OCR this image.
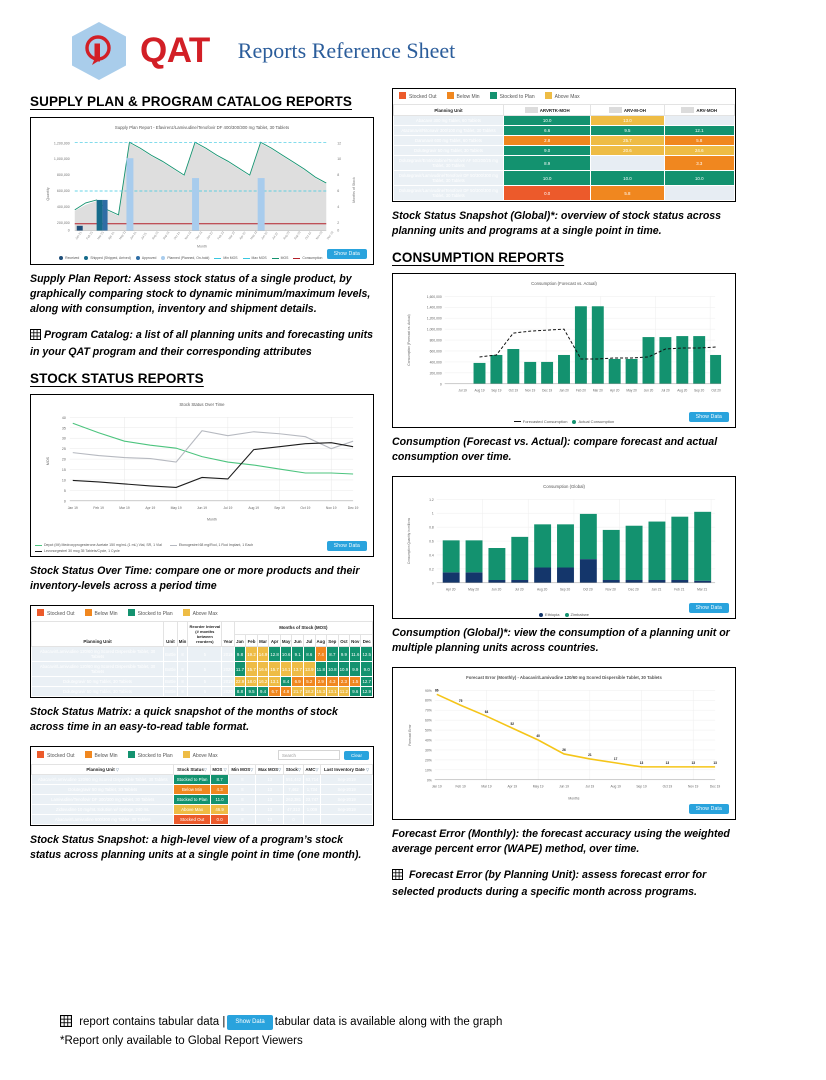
QAT Reports Reference Sheet
SUPPLY PLAN & PROGRAM CATALOG REPORTS
Supply Plan Report - Efavirenz/Lamivudine/Tenofovir DF 400/300/300 mg Tablet, 30 Tablets
1,200,000
1,000,000
800,000
600,000
400,000
200,000
0
12
10
8
6
4
2
0
Quantity	Months of Stock
Month
Jan 21 Feb 21 Mar 21 Apr 21 May 21 Jun 21 Jul 21 Aug 21 Sep 21 Oct 21 Nov 21 Dec 21 Jan 22 Feb 22 Mar 22 Apr 22 May 22 Jun 22 Jul 22 Aug 22 Sep 22 Oct 22 Nov 22 Dec 22
Received	Shipped (Shipped, Arrived)	Approved	Planned (Planned, On-hold)	Min MOS	Max MOS	MOS	Consumption
Show Data
Supply Plan Report: Assess stock status of a single product, by graphically comparing stock to dynamic minimum/maximum levels, along with consumption, inventory and shipment details.
Program Catalog: a list of all planning units and forecasting units in your QAT program and their corresponding attributes
STOCK STATUS REPORTS
Stock Status Over Time
40
35
30
25
20
15
10
5
0
MOS
Month
Jan 19	Feb 19	Mar 19	Apr 19	May 19	Jun 19	Jul 19	Aug 19	Sep 19	Oct 19	Nov 19	Dec 19
Depot (IM) Medroxyprogesterone Acetate 150 mg/mL (1 mL) Vial, SR, 1 Vial	Etonogestrel 68 mg/Rod, 1 Rod Implant, 1 Each
Levonorgestrel 30 mcg 35 Tablets/Cycle, 1 Cycle
Show Data
Stock Status Over Time: compare one or more products and their inventory-levels across a period time
Stocked Out	Below Min	Stocked to Plan	Above Max
Planning Unit	Unit	Min	Reorder Interval (# months between reorders)	Year	Months of Stock (MOS)											
					Jan	Feb	Mar	Apr	May	Jun	Jul	Aug	Sep	Oct	Nov	Dec
Abacavir/Lamivudine 120/60 mg Scored Dispersible Tablet, 30 Tablets	Bottle	8	5	2019	9.8	19.2	14.9	12.8	10.6	9.1	8.6	7.4	8.7	9.9	11.6	12.5
Abacavir/Lamivudine 120/60 mg Scored Dispersible Tablet, 30 Tablets	Bottle	8	5	2020	11.7	15.7	16.6	15.7	14.1	13.7	13.9	11.8	10.8	10.9	9.9	9.0
Dolutegravir 50 mg Tablet, 30 Tablets	Bottle	8	5	2019	22.9	18.0	16.2	13.1	8.4	6.9	5.2	2.9	4.3	2.3	1.5	12.7
Dolutegravir 50 mg Tablet, 30 Tablets	Bottle	8	5	2020	8.8	9.5	9.4	6.7	4.8	21.7	18.2	15.3	13.1	11.2	9.6	12.9
Stock Status Matrix: a quick snapshot of the months of stock across time in an easy-to-read table format.
Stocked Out	Below Min	Stocked to Plan	Above Max	Search	Clear
Planning Unit ▽	Stock Status▽	MOS ▽	Min MOS▽	Max MOS▽	Stock▽	AMC▽	Last Inventory Date ▽
Abacavir/Lamivudine 120/60 mg Scored Dispersible Tablet, 30 Tablets	Stocked to Plan	8.7	8	13	551,442	63,714	Sep-2019
Dolutegravir 50 mg Tablet, 30 Tablets	Below Min	4.3	8	13	7,462	1,734	Sep-2019
Lamivudine/Tenofovir DF 300/300 mg Tablet, 30 Tablets	Stocked to Plan	11.0	8	13	262,381	23,747	Sep-2019
Zidovudine 10 mg/mL Solution w/ Syringe, 240 mL	Above Max	46.9	8	13	47,313	1,009	Sep-2019
Abacavir/Lamivudine 600/300 mg Tablet, 30 Tablets	Stocked Out	0.0	8	13	0		
Stock Status Snapshot: a high-level view of a program’s stock status across planning units at a single point in time (one month).
Stocked Out	Below Min	Stocked to Plan	Above Max
Planning Unit	ARVRTK-MOH	ARV-M-OH	ARV-MOH
Abacavir 300 mg Tablet, 60 Tablets	10.0	13.0	
Atazanavir/Ritonavir 300/100 mg Tablet, 30 Tablets	6.6	9.5	12.1
Darunavir 600 mg Tablet, 60 Tablets	2.8	25.7	5.8
Dolutegravir 50 mg Tablet, 30 Tablets	9.0	20.6	24.6
Dolutegravir/Emtricitabine/Tenofovir AF 50/200/25 mg Tablet, 30 Tablets	8.9		3.3
Dolutegravir/Lamivudine/Tenofovir DF 50/300/300 mg Tablet, 30 Tablets	10.0	10.0	10.0
Dolutegravir/Lamivudine/Tenofovir DF 50/300/300 mg Tablet, 30 Tablets	0.0	5.8	
Stock Status Snapshot (Global)*: overview of stock status across planning units and programs at a single point in time.
CONSUMPTION REPORTS
Consumption (Forecast vs. Actual)
1,600,000
1,400,000
1,200,000
1,000,000
800,000
600,000
400,000
200,000
0
Consumption (Forecast vs. Actual)
Jul 19 Aug 19 Sep 19 Oct 19 Nov 19 Dec 19 Jan 20 Feb 20 Mar 20 Apr 20 May 20 Jun 20 Jul 20 Aug 20 Sep 20 Oct 20
Forecasted Consumption	Actual Consumption
Show Data
Consumption (Forecast vs. Actual): compare forecast and actual consumption over time.
Consumption (Global)
1.2
1
0.8
0.6
0.4
0.2
0
Consumption Quantity in millions
Apr 20	May 20	Jun 20	Jul 20	Aug 20	Sep 20	Oct 20	Nov 20	Dec 20	Jan 21	Feb 21	Mar 21
Ethiopia	Zimbabwe
Show Data
Consumption (Global)*: view the consumption of a planning unit or multiple planning units across countries.
Forecast Error (Monthly) - Abacavir/Lamivudine 120/60 mg Scored Dispersible Tablet, 30 Tablets
90%
80%
70%
60%
50%
40%
30%
20%
10%
0%
Forecast Error
Months
86
75
64
52
40
26
21
17
13	13	13	13
Jan 19	Feb 19	Mar 19	Apr 19	May 19	Jun 19	Jul 19	Aug 19	Sep 19	Oct 19	Nov 19	Dec 19
Show Data
Forecast Error (Monthly): the forecast accuracy using the weighted average percent error (WAPE) method, over time.
Forecast Error (by Planning Unit): assess forecast error for selected products during a specific month across programs.
report contains tabular data | Show Data tabular data is available along with the graph
*Report only available to Global Report Viewers
